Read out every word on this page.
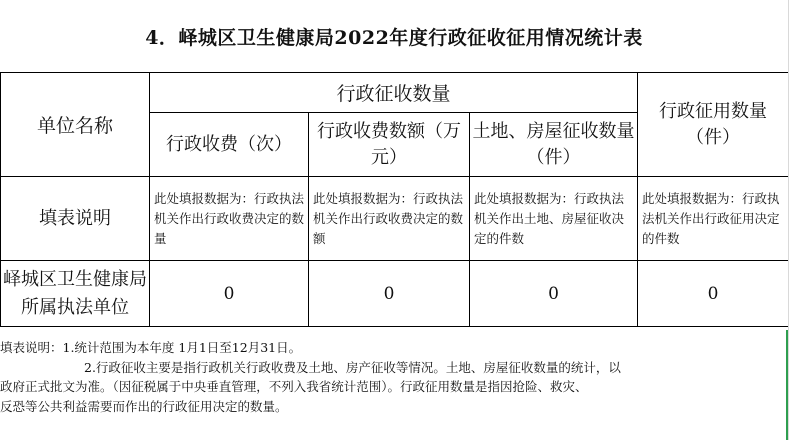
4．峄城区卫生健康局2022年度行政征收征用情况统计表
单位名称	行政征收数量			行政征用数量（件）
	行政收费（次）	行政收费数额（万元）	土地、房屋征收数量（件）	
填表说明	此处填报数据为：行政执法机关作出行政收费决定的数量	此处填报数据为：行政执法机关作出行政收费决定的数额	此处填报数据为：行政执法机关作出土地、房屋征收决定的件数	此处填报数据为：行政执法机关作出行政征用决定的件数
峄城区卫生健康局所属执法单位	0	0	0	0
填表说明：1.统计范围为本年度 1月1日至12月31日。
2.行政征收主要是指行政机关行政收费及土地、房产征收等情况。土地、房屋征收数量的统计，以
政府正式批文为准。（因征税属于中央垂直管理，不列入我省统计范围）。行政征用数量是指因抢险、救灾、
反恐等公共利益需要而作出的行政征用决定的数量。
